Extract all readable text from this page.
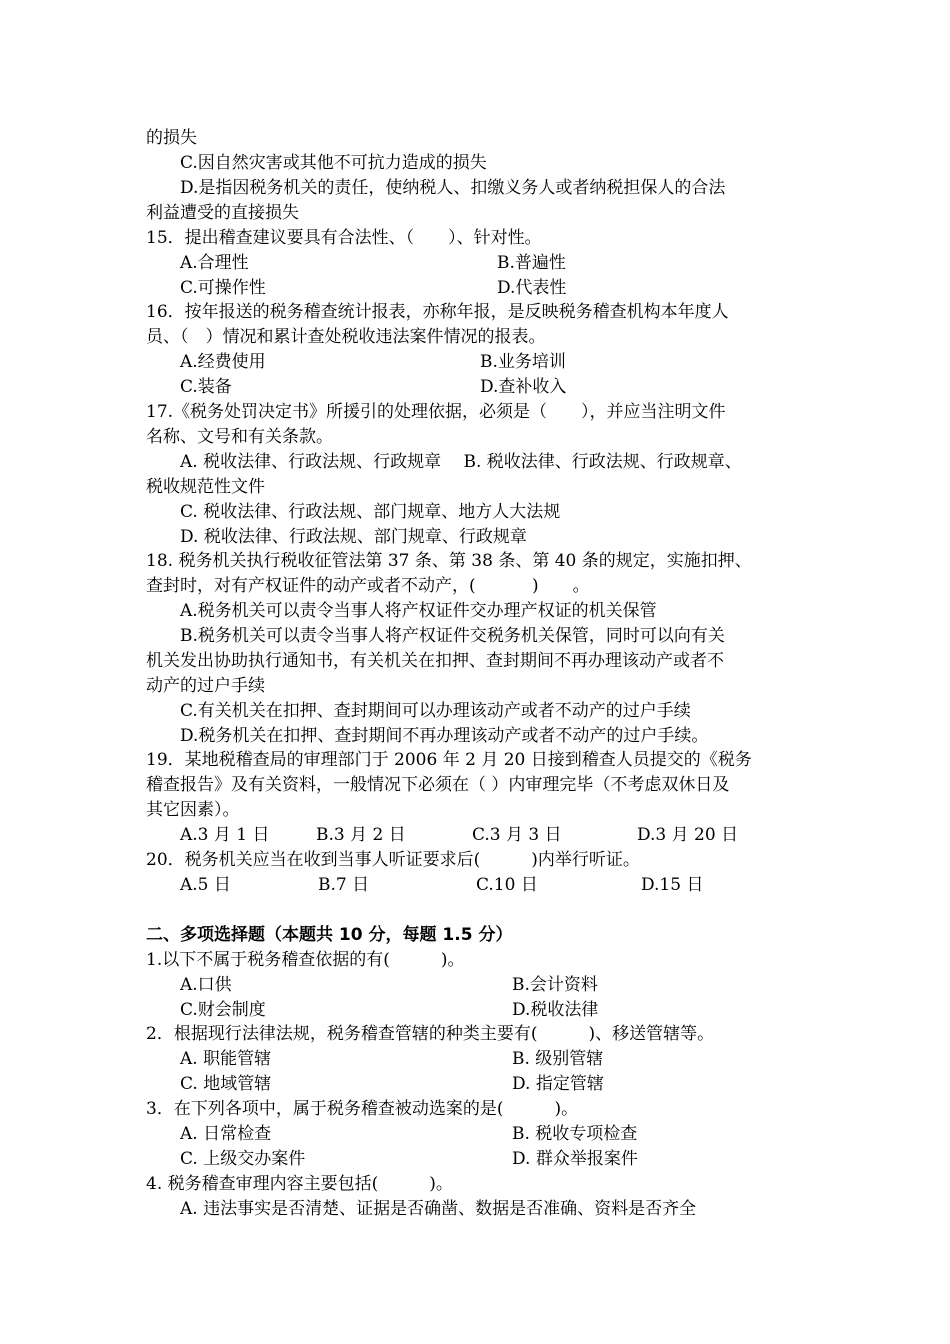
的损失
C.因自然灾害或其他不可抗力造成的损失
D.是指因税务机关的责任，使纳税人、扣缴义务人或者纳税担保人的合法
利益遭受的直接损失
15．提出稽查建议要具有合法性、（　　）、针对性。
A.合理性	B.普遍性
C.可操作性	D.代表性
16．按年报送的税务稽查统计报表，亦称年报，是反映税务稽查机构本年度人
员、（　）情况和累计查处税收违法案件情况的报表。
A.经费使用	B.业务培训
C.装备	D.查补收入
17.《税务处罚决定书》所援引的处理依据，必须是（　　），并应当注明文件
名称、文号和有关条款。
A. 税收法律、行政法规、行政规章　 B. 税收法律、行政法规、行政规章、
税收规范性文件
C. 税收法律、行政法规、部门规章、地方人大法规
D. 税收法律、行政法规、部门规章、行政规章
18. 税务机关执行税收征管法第 37 条、第 38 条、第 40 条的规定，实施扣押、
查封时，对有产权证件的动产或者不动产，(　　　 )　　。
A.税务机关可以责令当事人将产权证件交办理产权证的机关保管
B.税务机关可以责令当事人将产权证件交税务机关保管，同时可以向有关
机关发出协助执行通知书，有关机关在扣押、查封期间不再办理该动产或者不
动产的过户手续
C.有关机关在扣押、查封期间可以办理该动产或者不动产的过户手续
D.税务机关在扣押、查封期间不再办理该动产或者不动产的过户手续。
19．某地税稽查局的审理部门于 2006 年 2 月 20 日接到稽查人员提交的《税务
稽查报告》及有关资料，一般情况下必须在（ ）内审理完毕（不考虑双休日及
其它因素）。
A.3 月 1 日	B.3 月 2 日	C.3 月 3 日	D.3 月 20 日
20．税务机关应当在收到当事人听证要求后(　　　)内举行听证。
A.5 日	B.7 日	C.10 日	D.15 日
二、多项选择题（本题共 10 分，每题 1.5 分）
1.以下不属于税务稽查依据的有(　　　)。
A.口供	B.会计资料
C.财会制度	D.税收法律
2．根据现行法律法规，税务稽查管辖的种类主要有(　　　)、移送管辖等。
A. 职能管辖	B. 级别管辖
C. 地域管辖	D. 指定管辖
3．在下列各项中，属于税务稽查被动选案的是(　　　)。
A. 日常检查	B. 税收专项检查
C. 上级交办案件	D. 群众举报案件
4. 税务稽查审理内容主要包括(　　　)。
A. 违法事实是否清楚、证据是否确凿、数据是否准确、资料是否齐全
